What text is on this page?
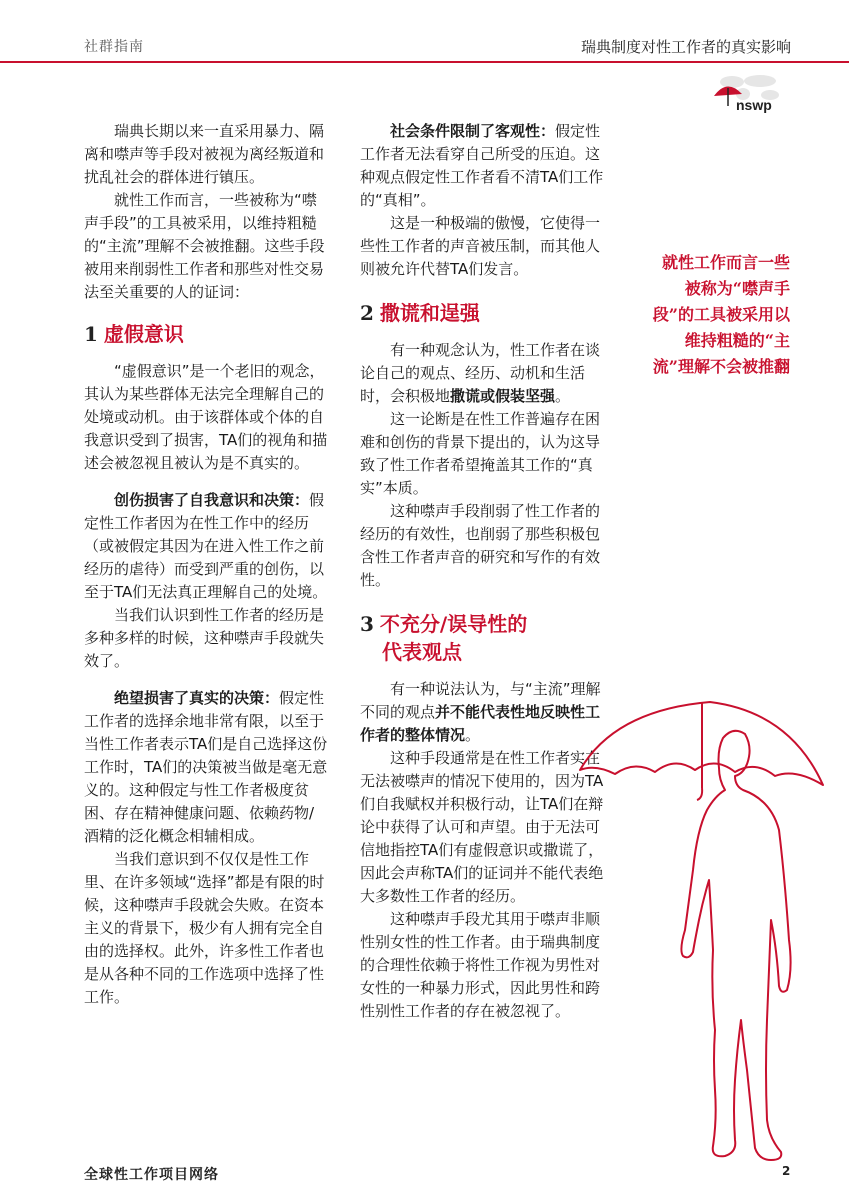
社群指南	瑞典制度对性工作者的真实影响
nswp

瑞典长期以来一直采用暴力、隔离和噤声等手段对被视为离经叛道和扰乱社会的群体进行镇压。

就性工作而言，一些被称为“噤声手段”的工具被采用，以维持粗糙的“主流”理解不会被推翻。这些手段被用来削弱性工作者和那些对性交易法至关重要的人的证词：

1 虚假意识

“虚假意识”是一个老旧的观念，其认为某些群体无法完全理解自己的处境或动机。由于该群体或个体的自我意识受到了损害，TA们的视角和描述会被忽视且被认为是不真实的。

创伤损害了自我意识和决策：假定性工作者因为在性工作中的经历（或被假定其因为在进入性工作之前经历的虐待）而受到严重的创伤，以至于TA们无法真正理解自己的处境。

当我们认识到性工作者的经历是多种多样的时候，这种噤声手段就失效了。

绝望损害了真实的决策：假定性工作者的选择余地非常有限，以至于当性工作者表示TA们是自己选择这份工作时，TA们的决策被当做是毫无意义的。这种假定与性工作者极度贫困、存在精神健康问题、依赖药物/酒精的泛化概念相辅相成。

当我们意识到不仅仅是性工作里、在许多领域“选择”都是有限的时候，这种噤声手段就会失败。在资本主义的背景下，极少有人拥有完全自由的选择权。此外，许多性工作者也是从各种不同的工作选项中选择了性工作。

社会条件限制了客观性：假定性工作者无法看穿自己所受的压迫。这种观点假定性工作者看不清TA们工作的“真相”。

这是一种极端的傲慢，它使得一些性工作者的声音被压制，而其他人则被允许代替TA们发言。

2 撒谎和逞强

有一种观念认为，性工作者在谈论自己的观点、经历、动机和生活时，会积极地撒谎或假装坚强。

这一论断是在性工作普遍存在困难和创伤的背景下提出的，认为这导致了性工作者希望掩盖其工作的“真实”本质。

这种噤声手段削弱了性工作者的经历的有效性，也削弱了那些积极包含性工作者声音的研究和写作的有效性。

3 不充分/误导性的
代表观点

有一种说法认为，与“主流”理解不同的观点并不能代表性地反映性工作者的整体情况。

这种手段通常是在性工作者实在无法被噤声的情况下使用的，因为TA们自我赋权并积极行动，让TA们在辩论中获得了认可和声望。由于无法可信地指控TA们有虚假意识或撒谎了，因此会声称TA们的证词并不能代表绝大多数性工作者的经历。

这种噤声手段尤其用于噤声非顺性别女性的性工作者。由于瑞典制度的合理性依赖于将性工作视为男性对女性的一种暴力形式，因此男性和跨性别性工作者的存在被忽视了。

就性工作而言一些被称为“噤声手段”的工具被采用以维持粗糙的“主流”理解不会被推翻
全球性工作项目网络	2
